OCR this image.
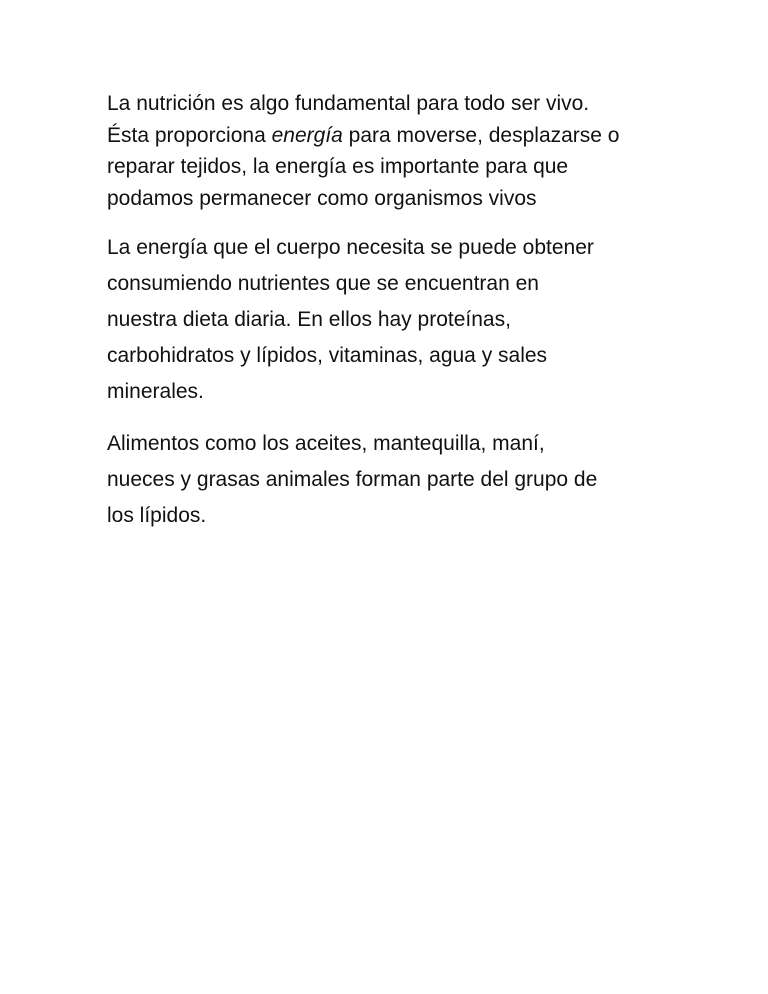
La nutrición es algo fundamental para todo ser vivo.
Ésta proporciona energía para moverse, desplazarse o
reparar tejidos, la energía es importante para que
podamos permanecer como organismos vivos

La energía que el cuerpo necesita se puede obtener
consumiendo nutrientes que se encuentran en
nuestra dieta diaria. En ellos hay proteínas,
carbohidratos y lípidos, vitaminas, agua y sales
minerales.

Alimentos como los aceites, mantequilla, maní,
nueces y grasas animales forman parte del grupo de
los lípidos.
